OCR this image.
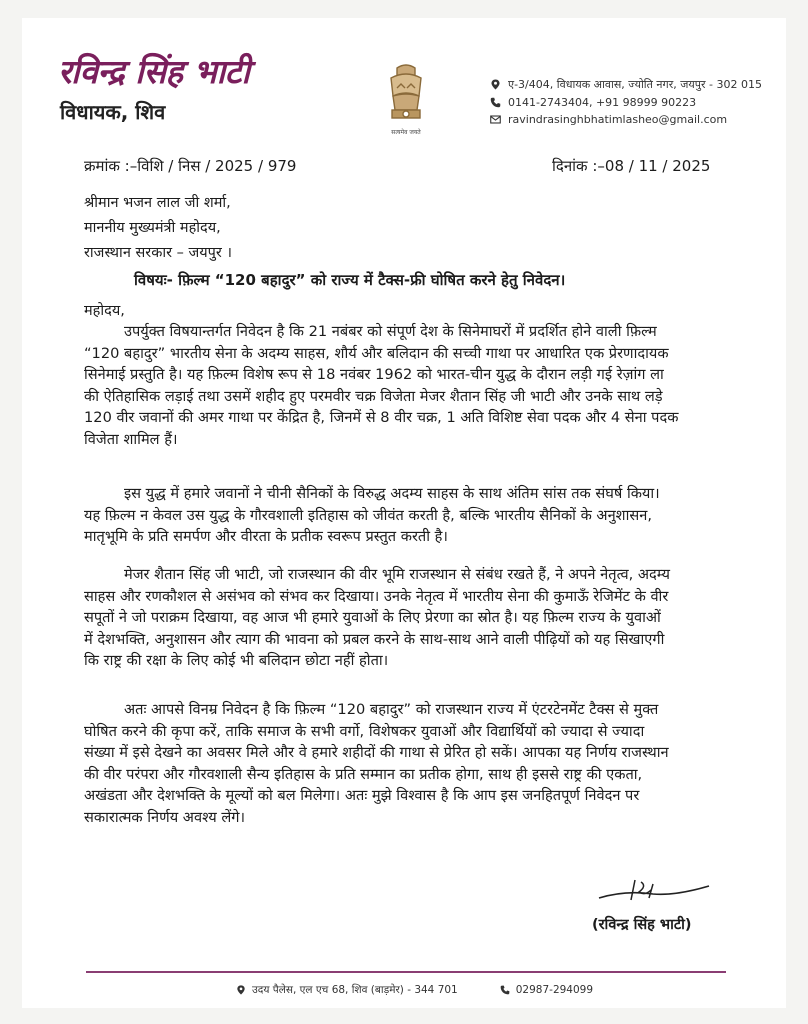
रविन्द्र सिंह भाटी
विधायक, शिव
सत्यमेव जयते
ए-3/404, विधायक आवास, ज्योति नगर, जयपुर - 302 015
0141-2743404, +91 98999 90223
ravindrasinghbhatimlasheo@gmail.com
क्रमांक :–विशि / निस / 2025 / 979	दिनांक :–08 / 11 / 2025
श्रीमान भजन लाल जी शर्मा,
माननीय मुख्यमंत्री महोदय,
राजस्थान सरकार – जयपुर ।
विषयः- फ़िल्म “120 बहादुर” को राज्य में टैक्स-फ्री घोषित करने हेतु निवेदन।
महोदय,
उपर्युक्त विषयान्तर्गत निवेदन है कि 21 नबंबर को संपूर्ण देश के सिनेमाघरों में प्रदर्शित होने वाली फ़िल्म
“120 बहादुर” भारतीय सेना के अदम्य साहस, शौर्य और बलिदान की सच्ची गाथा पर आधारित एक प्रेरणादायक
सिनेमाई प्रस्तुति है। यह फ़िल्म विशेष रूप से 18 नवंबर 1962 को भारत-चीन युद्ध के दौरान लड़ी गई रेज़ांग ला
की ऐतिहासिक लड़ाई तथा उसमें शहीद हुए परमवीर चक्र विजेता मेजर शैतान सिंह जी भाटी और उनके साथ लड़े
120 वीर जवानों की अमर गाथा पर केंद्रित है, जिनमें से 8 वीर चक्र, 1 अति विशिष्ट सेवा पदक और 4 सेना पदक
विजेता शामिल हैं।
इस युद्ध में हमारे जवानों ने चीनी सैनिकों के विरुद्ध अदम्य साहस के साथ अंतिम सांस तक संघर्ष किया।
यह फ़िल्म न केवल उस युद्ध के गौरवशाली इतिहास को जीवंत करती है, बल्कि भारतीय सैनिकों के अनुशासन,
मातृभूमि के प्रति समर्पण और वीरता के प्रतीक स्वरूप प्रस्तुत करती है।
मेजर शैतान सिंह जी भाटी, जो राजस्थान की वीर भूमि राजस्थान से संबंध रखते हैं, ने अपने नेतृत्व, अदम्य
साहस और रणकौशल से असंभव को संभव कर दिखाया। उनके नेतृत्व में भारतीय सेना की कुमाऊँ रेजिमेंट के वीर
सपूतों ने जो पराक्रम दिखाया, वह आज भी हमारे युवाओं के लिए प्रेरणा का स्रोत है। यह फ़िल्म राज्य के युवाओं
में देशभक्ति, अनुशासन और त्याग की भावना को प्रबल करने के साथ-साथ आने वाली पीढ़ियों को यह सिखाएगी
कि राष्ट्र की रक्षा के लिए कोई भी बलिदान छोटा नहीं होता।
अतः आपसे विनम्र निवेदन है कि फ़िल्म “120 बहादुर” को राजस्थान राज्य में एंटरटेनमेंट टैक्स से मुक्त
घोषित करने की कृपा करें, ताकि समाज के सभी वर्गो, विशेषकर युवाओं और विद्यार्थियों को ज्यादा से ज्यादा
संख्या में इसे देखने का अवसर मिले और वे हमारे शहीदों की गाथा से प्रेरित हो सकें। आपका यह निर्णय राजस्थान
की वीर परंपरा और गौरवशाली सैन्य इतिहास के प्रति सम्मान का प्रतीक होगा, साथ ही इससे राष्ट्र की एकता,
अखंडता और देशभक्ति के मूल्यों को बल मिलेगा। अतः मुझे विश्वास है कि आप इस जनहितपूर्ण निवेदन पर
सकारात्मक निर्णय अवश्य लेंगे।
(रविन्द्र सिंह भाटी)
उदय पैलेस, एल एच 68, शिव (बाड़मेर) - 344 701	02987-294099
